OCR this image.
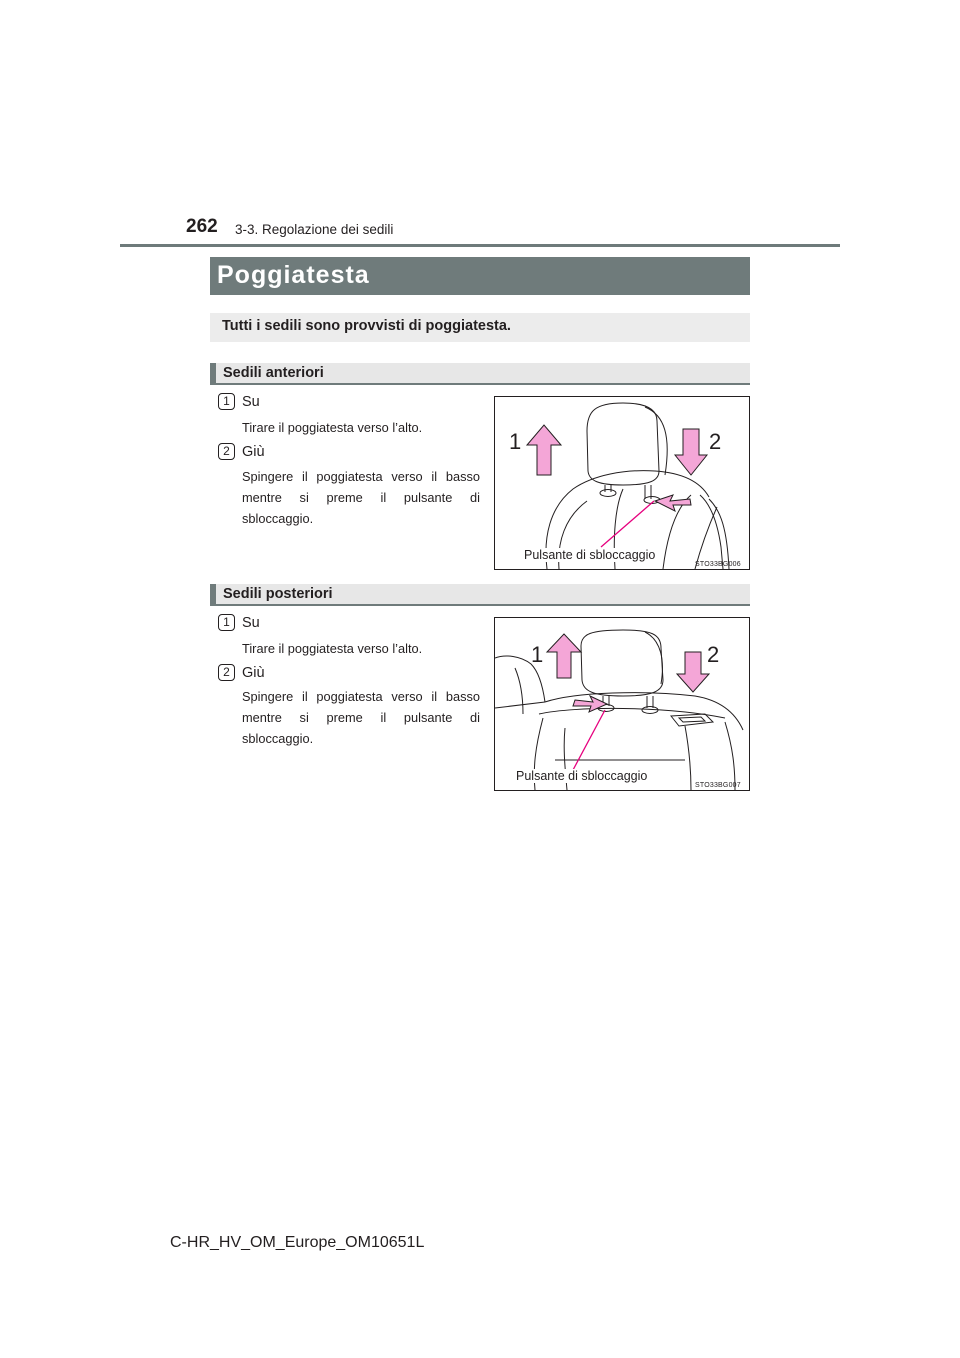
262 3-3. Regolazione dei sedili
Poggiatesta
Tutti i sedili sono provvisti di poggiatesta.
Sedili anteriori
1 Su
Tirare il poggiatesta verso l’alto.
2 Giù
Spingere il poggiatesta verso il basso mentre si preme il pulsante di sbloccaggio.
1	2
Pulsante di sbloccaggio
STO33BG006
Sedili posteriori
1 Su
Tirare il poggiatesta verso l’alto.
2 Giù
Spingere il poggiatesta verso il basso mentre si preme il pulsante di sbloccaggio.
1	2
Pulsante di sbloccaggio
STO33BG007
C-HR_HV_OM_Europe_OM10651L
